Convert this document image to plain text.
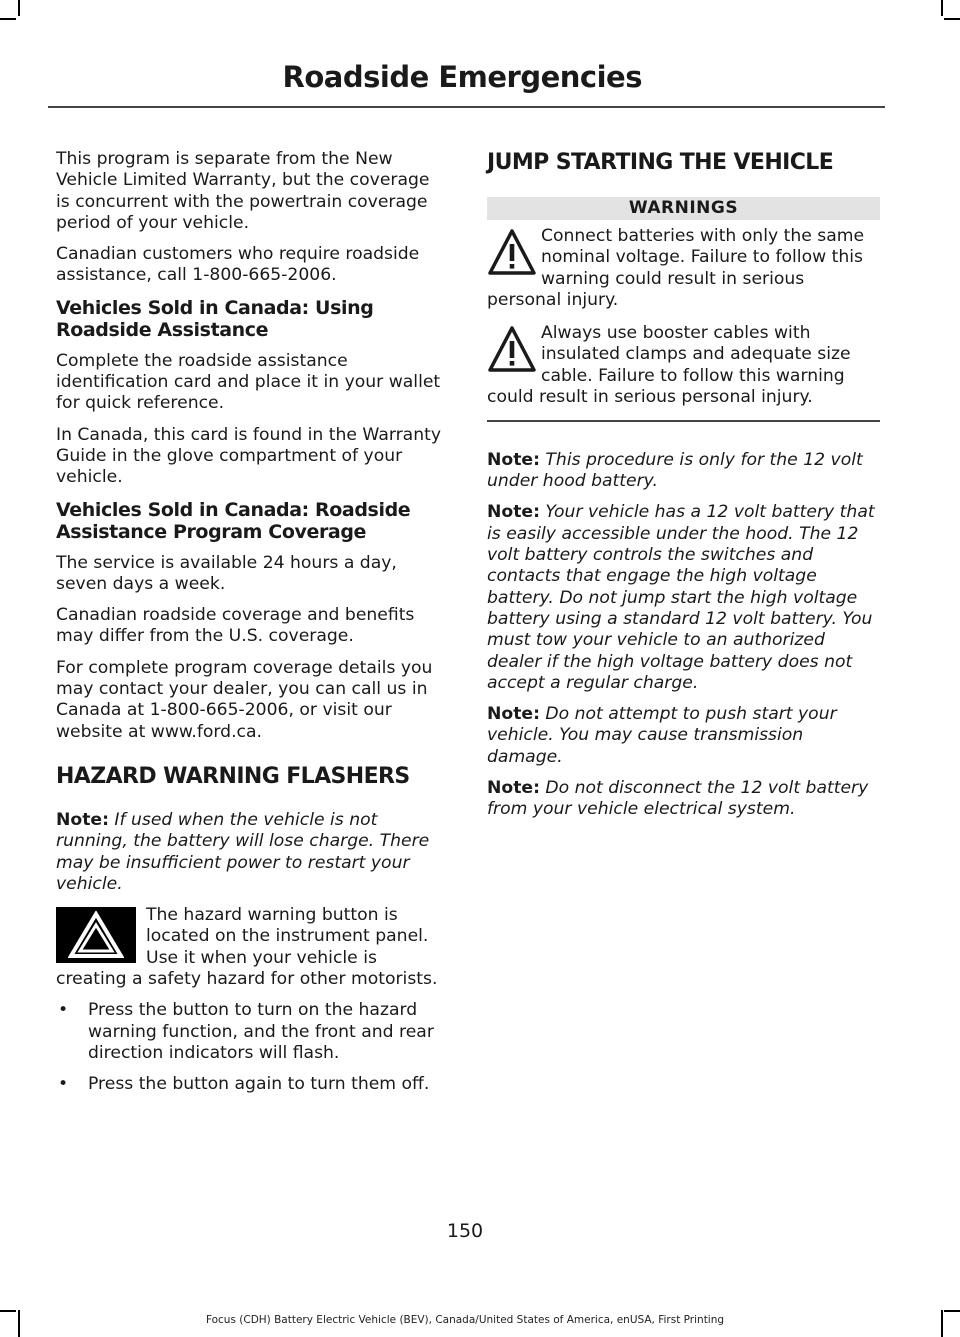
Roadside Emergencies

This program is separate from the New Vehicle Limited Warranty, but the coverage is concurrent with the powertrain coverage period of your vehicle.

Canadian customers who require roadside assistance, call 1-800-665-2006.

Vehicles Sold in Canada: Using Roadside Assistance

Complete the roadside assistance identification card and place it in your wallet for quick reference.

In Canada, this card is found in the Warranty Guide in the glove compartment of your vehicle.

Vehicles Sold in Canada: Roadside Assistance Program Coverage

The service is available 24 hours a day, seven days a week.

Canadian roadside coverage and benefits may differ from the U.S. coverage.

For complete program coverage details you may contact your dealer, you can call us in Canada at 1-800-665-2006, or visit our website at www.ford.ca.

HAZARD WARNING FLASHERS

Note: If used when the vehicle is not running, the battery will lose charge. There may be insufficient power to restart your vehicle.

The hazard warning button is located on the instrument panel. Use it when your vehicle is creating a safety hazard for other motorists.

• Press the button to turn on the hazard warning function, and the front and rear direction indicators will flash.
• Press the button again to turn them off.
JUMP STARTING THE VEHICLE
WARNINGS
Connect batteries with only the same nominal voltage. Failure to follow this warning could result in serious personal injury.
Always use booster cables with insulated clamps and adequate size cable. Failure to follow this warning could result in serious personal injury.

Note: This procedure is only for the 12 volt under hood battery.

Note: Your vehicle has a 12 volt battery that is easily accessible under the hood. The 12 volt battery controls the switches and contacts that engage the high voltage battery. Do not jump start the high voltage battery using a standard 12 volt battery. You must tow your vehicle to an authorized dealer if the high voltage battery does not accept a regular charge.

Note: Do not attempt to push start your vehicle. You may cause transmission damage.

Note: Do not disconnect the 12 volt battery from your vehicle electrical system.

150
Focus (CDH) Battery Electric Vehicle (BEV), Canada/United States of America, enUSA, First Printing
